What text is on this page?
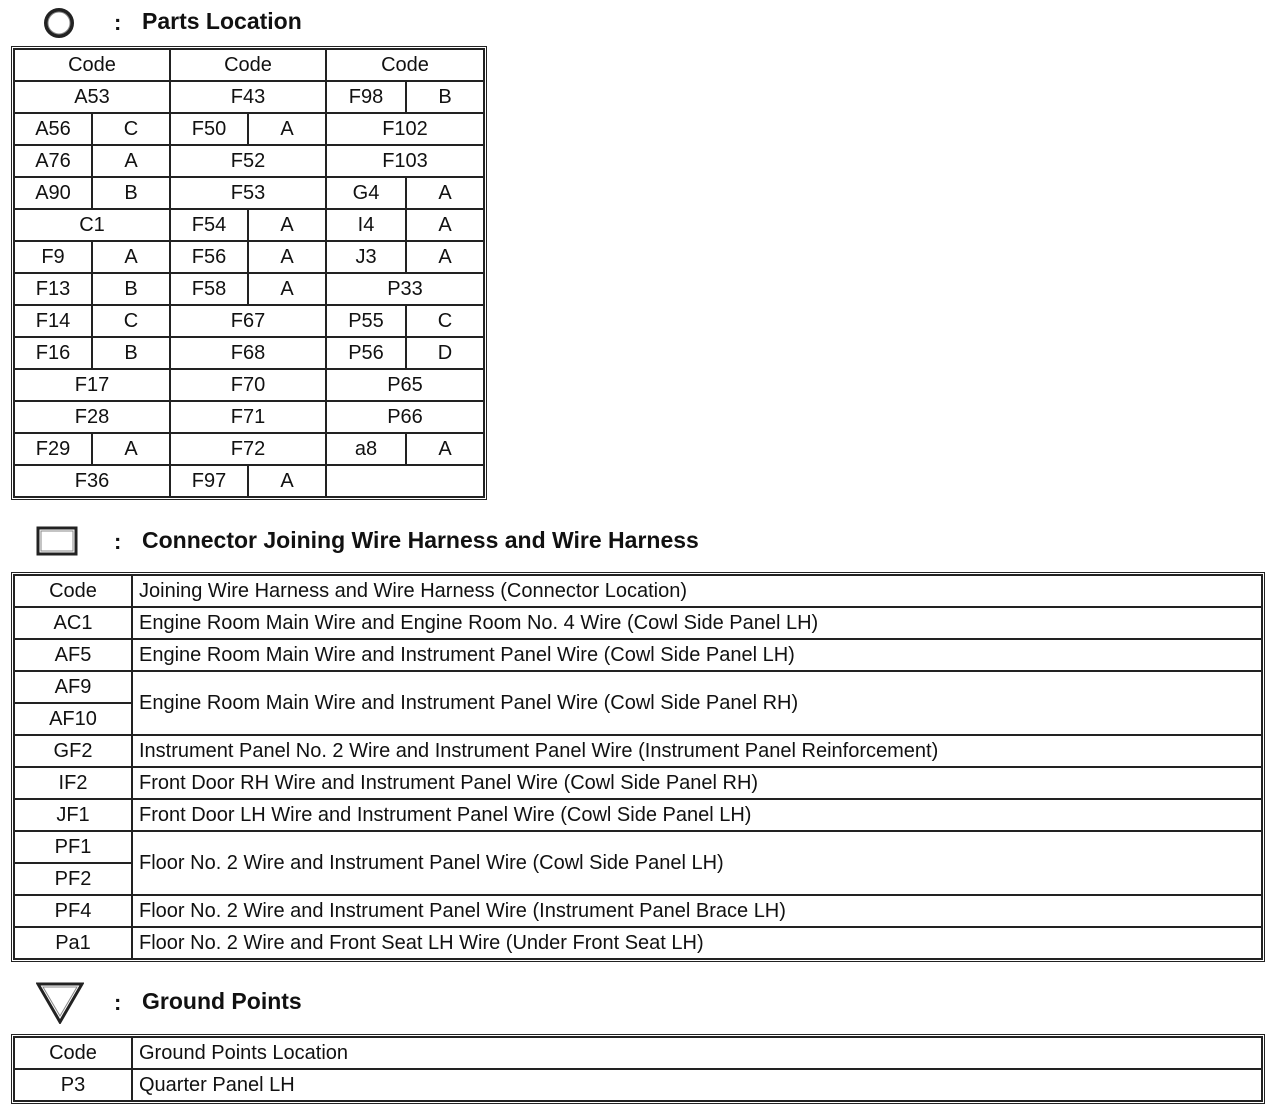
: Parts Location
Code		Code		Code	
A53		F43		F98	B
A56	C	F50	A	F102	
A76	A	F52		F103	
A90	B	F53		G4	A
C1		F54	A	I4	A
F9	A	F56	A	J3	A
F13	B	F58	A	P33	
F14	C	F67		P55	C
F16	B	F68		P56	D
F17		F70		P65	
F28		F71		P66	
F29	A	F72		a8	A
F36		F97	A		
: Connector Joining Wire Harness and Wire Harness
Code	Joining Wire Harness and Wire Harness (Connector Location)
AC1	Engine Room Main Wire and Engine Room No. 4 Wire (Cowl Side Panel LH)
AF5	Engine Room Main Wire and Instrument Panel Wire (Cowl Side Panel LH)
AF9	Engine Room Main Wire and Instrument Panel Wire (Cowl Side Panel RH)
AF10	
GF2	Instrument Panel No. 2 Wire and Instrument Panel Wire (Instrument Panel Reinforcement)
IF2	Front Door RH Wire and Instrument Panel Wire (Cowl Side Panel RH)
JF1	Front Door LH Wire and Instrument Panel Wire (Cowl Side Panel LH)
PF1	Floor No. 2 Wire and Instrument Panel Wire (Cowl Side Panel LH)
PF2	
PF4	Floor No. 2 Wire and Instrument Panel Wire (Instrument Panel Brace LH)
Pa1	Floor No. 2 Wire and Front Seat LH Wire (Under Front Seat LH)
: Ground Points
Code	Ground Points Location
P3	Quarter Panel LH
